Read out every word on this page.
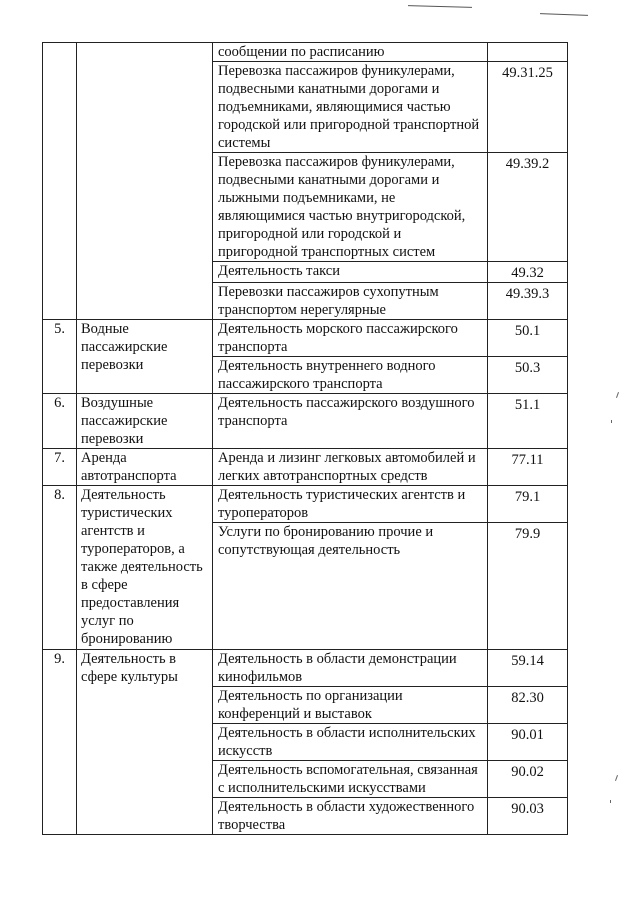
		сообщении по расписанию	
		Перевозка пассажиров фуникулерами, подвесными канатными дорогами и подъемниками, являющимися частью городской или пригородной транспортной системы	49.31.25
		Перевозка пассажиров фуникулерами, подвесными канатными дорогами и лыжными подъемниками, не являющимися частью внутригородской, пригородной или городской и пригородной транспортных систем	49.39.2
		Деятельность такси	49.32
		Перевозки пассажиров сухопутным транспортом нерегулярные	49.39.3
5.	Водные пассажирские перевозки	Деятельность морского пассажирского транспорта	50.1
		Деятельность внутреннего водного пассажирского транспорта	50.3
6.	Воздушные пассажирские перевозки	Деятельность пассажирского воздушного транспорта	51.1
7.	Аренда автотранспорта	Аренда и лизинг легковых автомобилей и легких автотранспортных средств	77.11
8.	Деятельность туристических агентств и туроператоров, а также деятельность в сфере предоставления услуг по бронированию	Деятельность туристических агентств и туроператоров	79.1
		Услуги по бронированию прочие и сопутствующая деятельность	79.9
9.	Деятельность в сфере культуры	Деятельность в области демонстрации кинофильмов	59.14
		Деятельность по организации конференций и выставок	82.30
		Деятельность в области исполнительских искусств	90.01
		Деятельность вспомогательная, связанная с исполнительскими искусствами	90.02
		Деятельность в области художественного творчества	90.03
